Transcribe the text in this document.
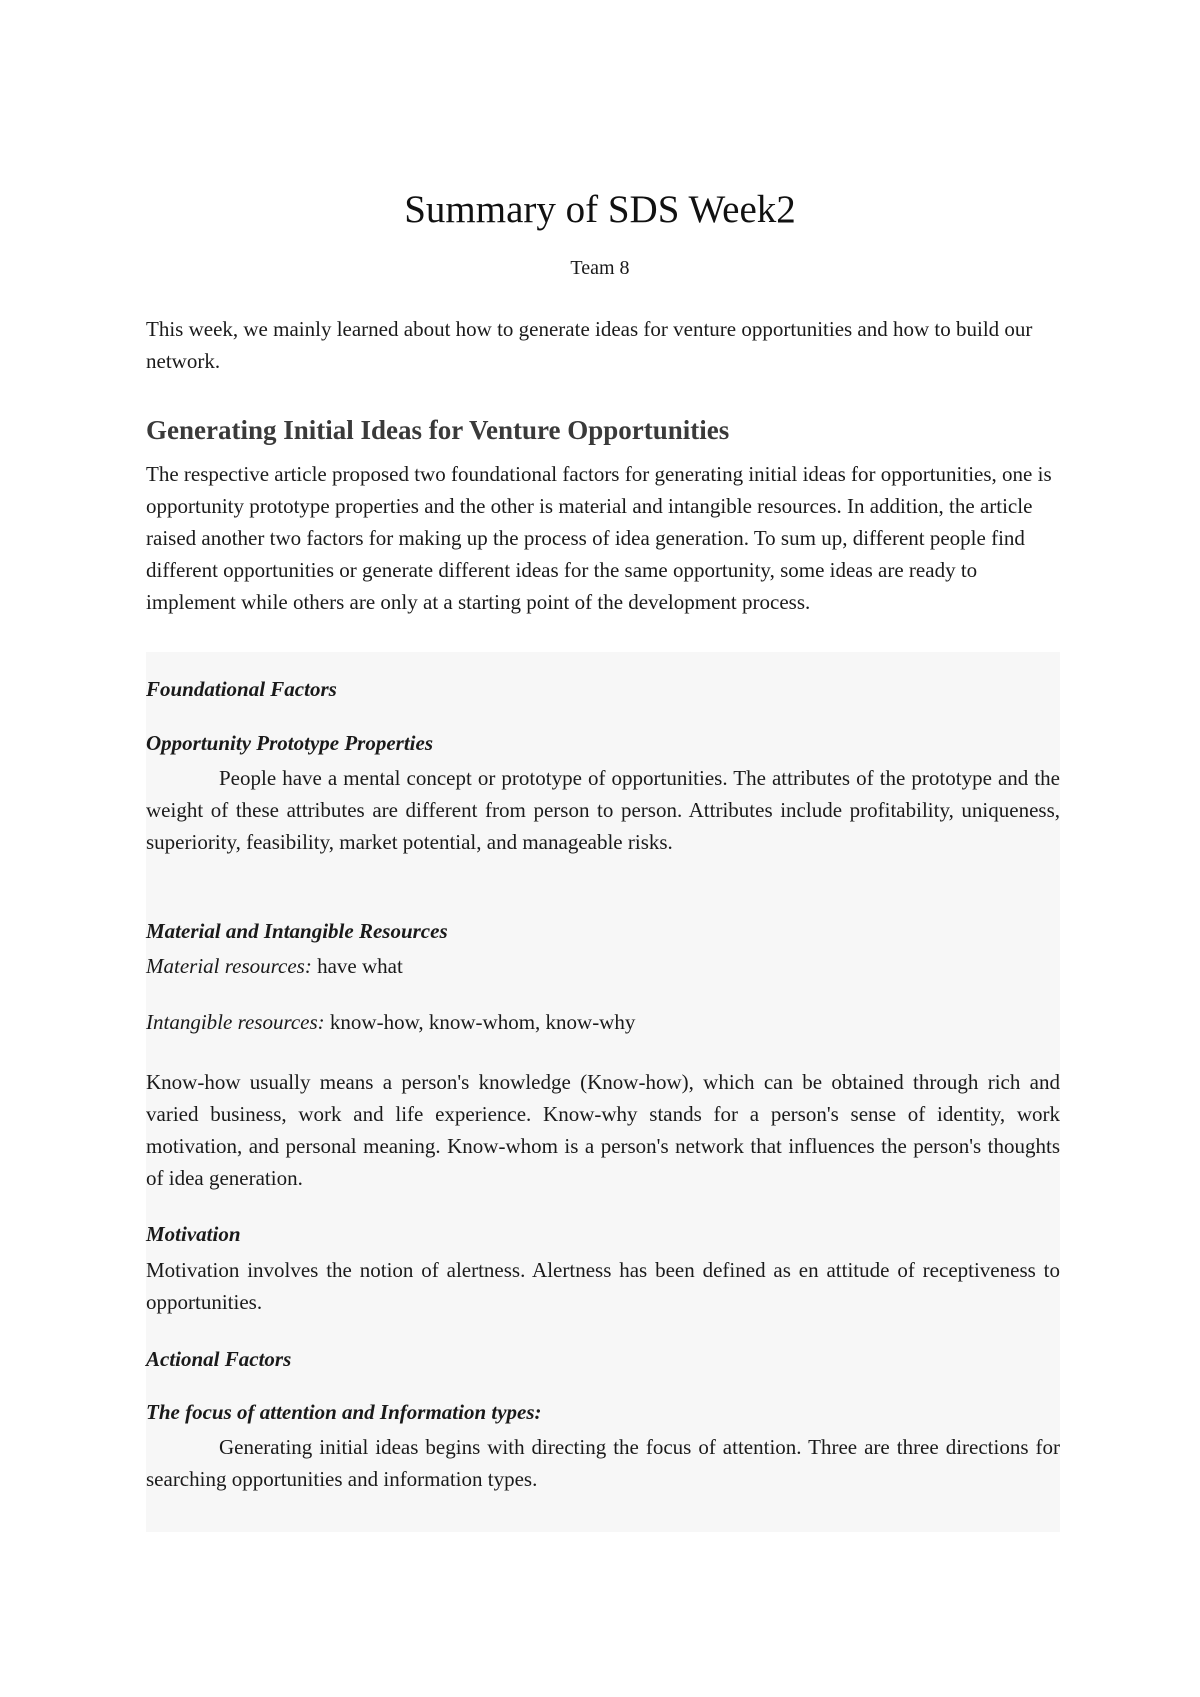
Summary of SDS Week2
Team 8

This week, we mainly learned about how to generate ideas for venture opportunities and how to build our network.

Generating Initial Ideas for Venture Opportunities

The respective article proposed two foundational factors for generating initial ideas for opportunities, one is opportunity prototype properties and the other is material and intangible resources. In addition, the article raised another two factors for making up the process of idea generation. To sum up, different people find different opportunities or generate different ideas for the same opportunity, some ideas are ready to implement while others are only at a starting point of the development process.

Foundational Factors
Opportunity Prototype Properties

People have a mental concept or prototype of opportunities. The attributes of the prototype and the weight of these attributes are different from person to person. Attributes include profitability, uniqueness, superiority, feasibility, market potential, and manageable risks.

Material and Intangible Resources

Material resources: have what

Intangible resources: know-how, know-whom, know-why

Know-how usually means a person's knowledge (Know-how), which can be obtained through rich and varied business, work and life experience. Know-why stands for a person's sense of identity, work motivation, and personal meaning. Know-whom is a person's network that influences the person's thoughts of idea generation.

Motivation

Motivation involves the notion of alertness. Alertness has been defined as en attitude of receptiveness to opportunities.

Actional Factors
The focus of attention and Information types:

Generating initial ideas begins with directing the focus of attention. Three are three directions for searching opportunities and information types.
